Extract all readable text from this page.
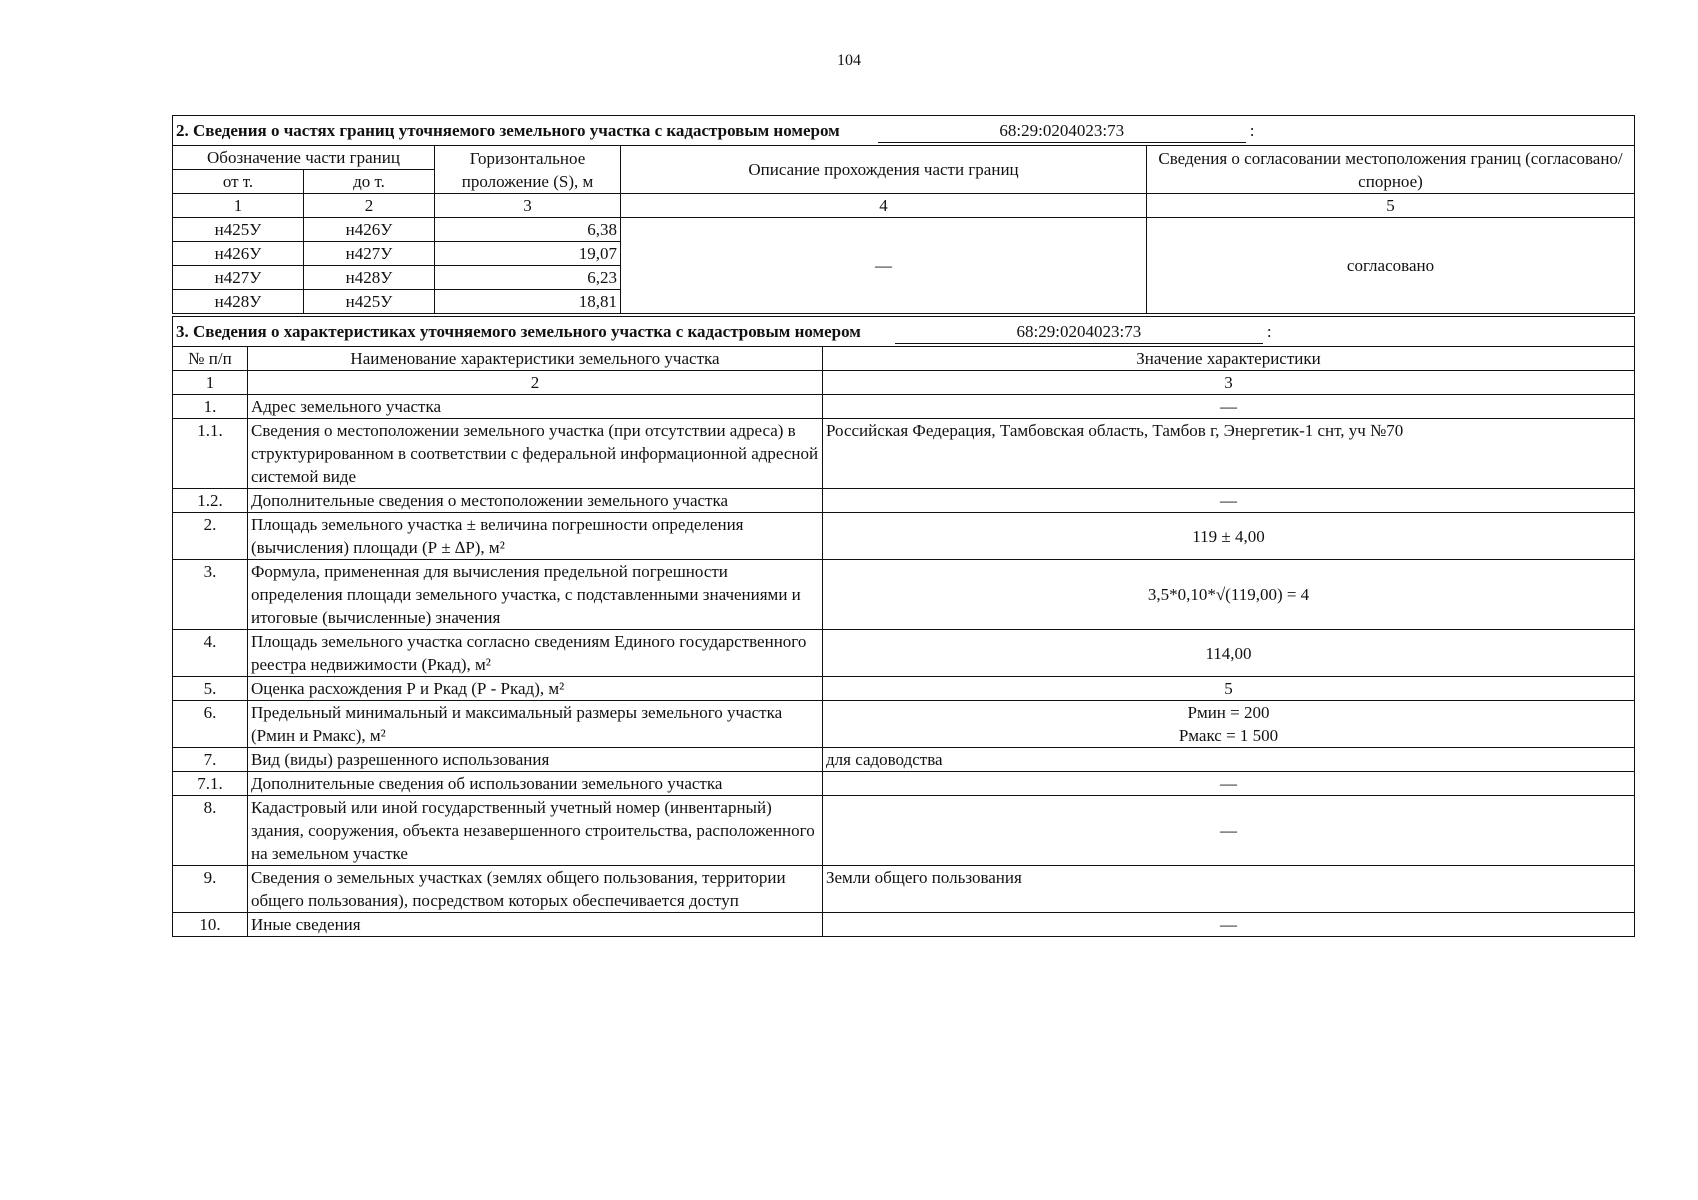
104
2. Сведения о частях границ уточняемого земельного участка с кадастровым номером 68:29:0204023:73 :				
Обозначение части границ		Горизонтальное проложение (S), м	Описание прохождения части границ	Сведения о согласовании местоположения границ (согласовано/спорное)
от т.	до т.			
1	2	3	4	5
н425У	н426У	6,38	—	согласовано
н426У	н427У	19,07		
н427У	н428У	6,23		
н428У	н425У	18,81		
3. Сведения о характеристиках уточняемого земельного участка с кадастровым номером 68:29:0204023:73 :		
№ п/п	Наименование характеристики земельного участка	Значение характеристики
1	2	3
1.	Адрес земельного участка	—
1.1.	Сведения о местоположении земельного участка (при отсутствии адреса) в структурированном в соответствии с федеральной информационной адресной системой виде	Российская Федерация, Тамбовская область, Тамбов г, Энергетик-1 снт, уч №70
1.2.	Дополнительные сведения о местоположении земельного участка	—
2.	Площадь земельного участка ± величина погрешности определения (вычисления) площади (Р ± ∆Р), м²	119 ± 4,00
3.	Формула, примененная для вычисления предельной погрешности определения площади земельного участка, с подставленными значениями и итоговые (вычисленные) значения	3,5*0,10*√(119,00) = 4
4.	Площадь земельного участка согласно сведениям Единого государственного реестра недвижимости (Ркад), м²	114,00
5.	Оценка расхождения Р и Ркад (Р - Ркад), м²	5
6.	Предельный минимальный и максимальный размеры земельного участка (Рмин и Рмакс), м²	Рмин = 200
Рмакс = 1 500

7.	Вид (виды) разрешенного использования	для садоводства
7.1.	Дополнительные сведения об использовании земельного участка	—
8.	Кадастровый или иной государственный учетный номер (инвентарный) здания, сооружения, объекта незавершенного строительства, расположенного на земельном участке	—
9.	Сведения о земельных участках (землях общего пользования, территории общего пользования), посредством которых обеспечивается доступ	Земли общего пользования
10.	Иные сведения	—
